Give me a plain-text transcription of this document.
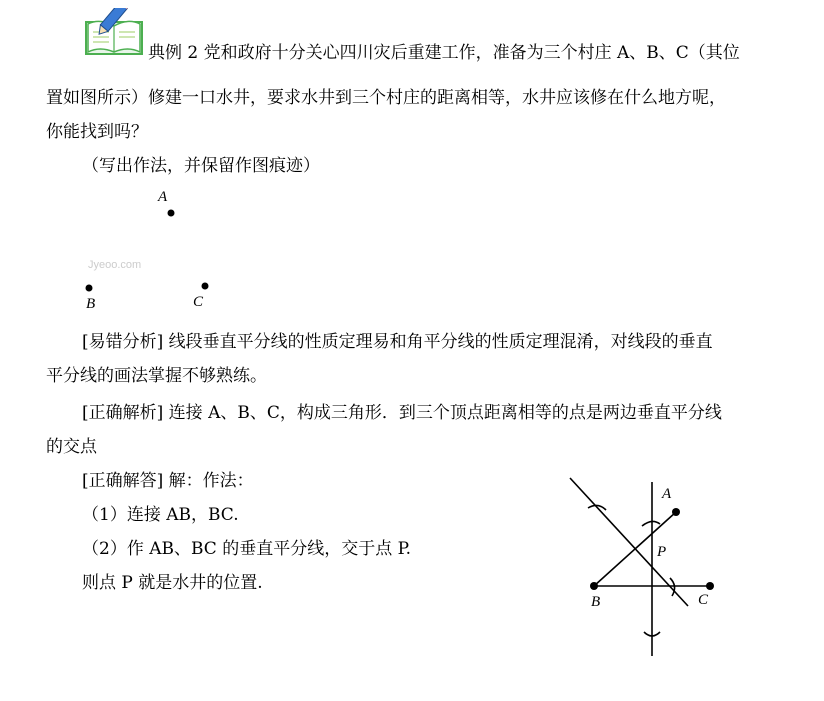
典例 2 党和政府十分关心四川灾后重建工作，准备为三个村庄 A、B、C（其位
置如图所示）修建一口水井，要求水井到三个村庄的距离相等，水井应该修在什么地方呢，
你能找到吗？
（写出作法，并保留作图痕迹）
A
Jyeoo.com
B	C
[易错分析] 线段垂直平分线的性质定理易和角平分线的性质定理混淆，对线段的垂直
平分线的画法掌握不够熟练。
[正确解析] 连接 A、B、C，构成三角形．到三个顶点距离相等的点是两边垂直平分线
的交点
[正确解答] 解：作法：
（1）连接 AB，BC.
（2）作 AB、BC 的垂直平分线，交于点 P.
则点 P 就是水井的位置.
A
B	C
P
